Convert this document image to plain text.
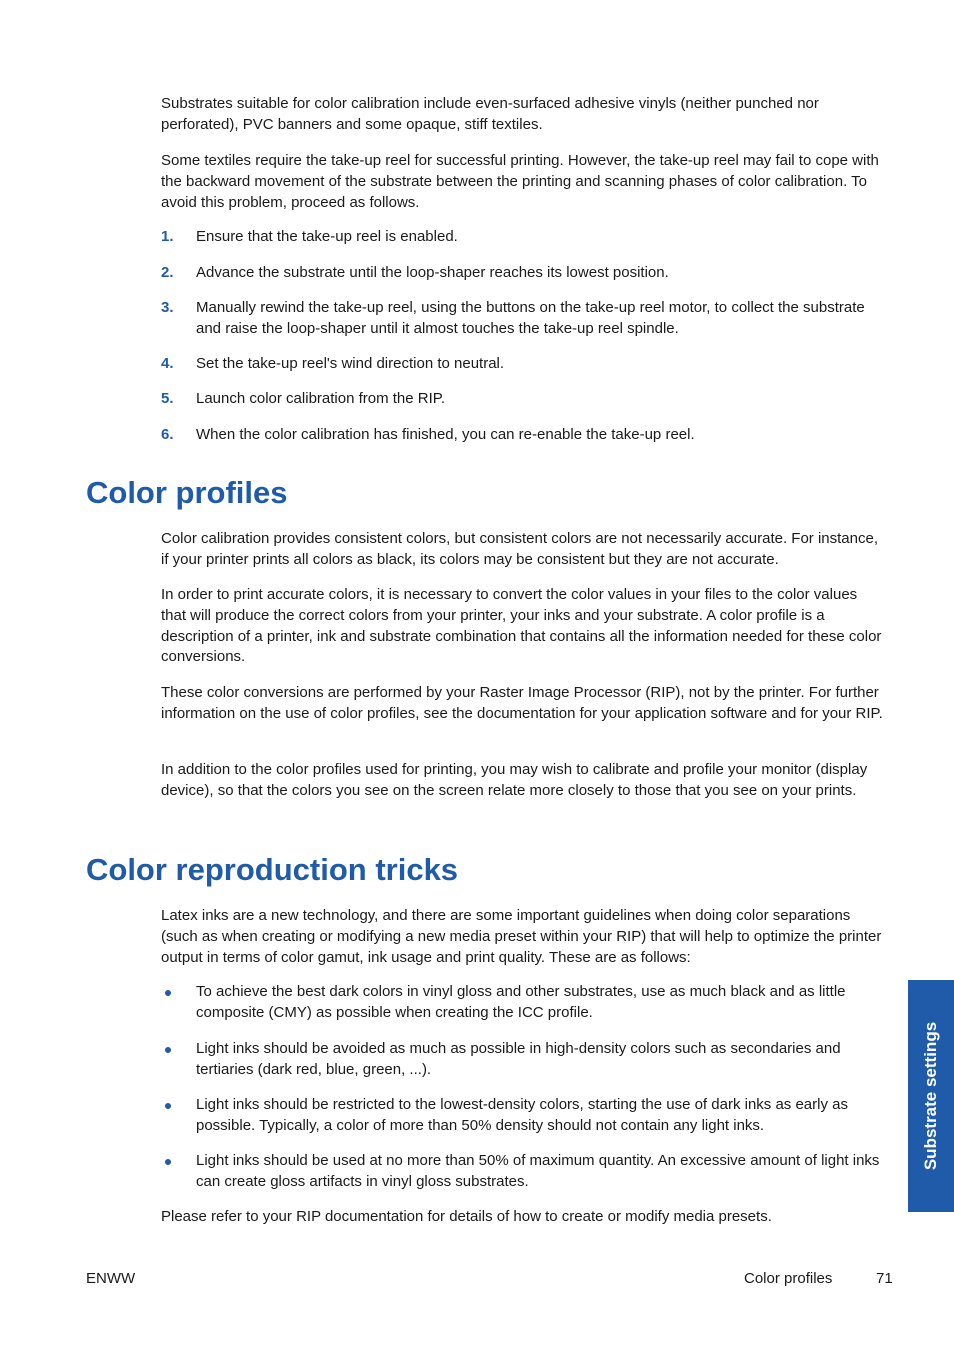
Substrates suitable for color calibration include even-surfaced adhesive vinyls (neither punched nor perforated), PVC banners and some opaque, stiff textiles.

Some textiles require the take-up reel for successful printing. However, the take-up reel may fail to cope with the backward movement of the substrate between the printing and scanning phases of color calibration. To avoid this problem, proceed as follows.

1.	Ensure that the take-up reel is enabled.
2.	Advance the substrate until the loop-shaper reaches its lowest position.
3.	Manually rewind the take-up reel, using the buttons on the take-up reel motor, to collect the substrate and raise the loop-shaper until it almost touches the take-up reel spindle.
4.	Set the take-up reel's wind direction to neutral.
5.	Launch color calibration from the RIP.
6.	When the color calibration has finished, you can re-enable the take-up reel.
Color profiles

Color calibration provides consistent colors, but consistent colors are not necessarily accurate. For instance, if your printer prints all colors as black, its colors may be consistent but they are not accurate.

In order to print accurate colors, it is necessary to convert the color values in your files to the color values that will produce the correct colors from your printer, your inks and your substrate. A color profile is a description of a printer, ink and substrate combination that contains all the information needed for these color conversions.

These color conversions are performed by your Raster Image Processor (RIP), not by the printer. For further information on the use of color profiles, see the documentation for your application software and for your RIP.

In addition to the color profiles used for printing, you may wish to calibrate and profile your monitor (display device), so that the colors you see on the screen relate more closely to those that you see on your prints.

Color reproduction tricks

Latex inks are a new technology, and there are some important guidelines when doing color separations (such as when creating or modifying a new media preset within your RIP) that will help to optimize the printer output in terms of color gamut, ink usage and print quality. These are as follows:

To achieve the best dark colors in vinyl gloss and other substrates, use as much black and as little composite (CMY) as possible when creating the ICC profile.
Light inks should be avoided as much as possible in high-density colors such as secondaries and tertiaries (dark red, blue, green, ...).
Light inks should be restricted to the lowest-density colors, starting the use of dark inks as early as possible. Typically, a color of more than 50% density should not contain any light inks.
Light inks should be used at no more than 50% of maximum quantity. An excessive amount of light inks can create gloss artifacts in vinyl gloss substrates.

Please refer to your RIP documentation for details of how to create or modify media presets.

Substrate settings
ENWW	Color profiles	71
